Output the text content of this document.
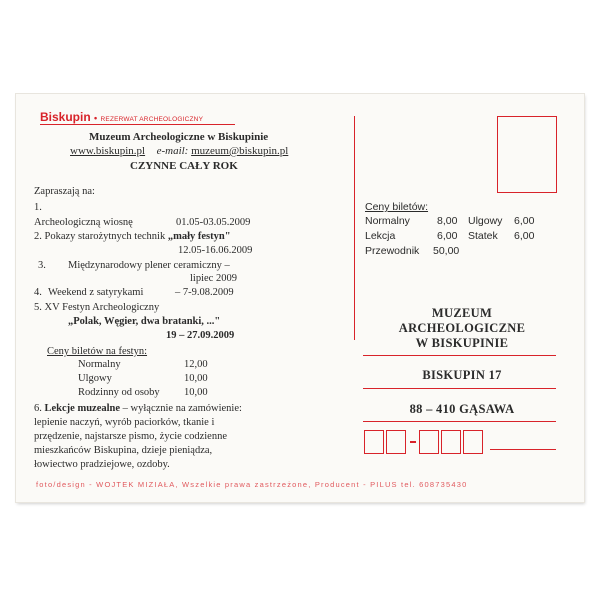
Biskupin • REZERWAT ARCHEOLOGICZNY
Muzeum Archeologiczne w Biskupinie
www.biskupin.pl e-mail: muzeum@biskupin.pl
CZYNNE CAŁY ROK
Zapraszają na:
1.
Archeologiczną wiosnę	01.05-03.05.2009
2. Pokazy starożytnych technik „mały festyn"
12.05-16.06.2009
3. Międzynarodowy plener ceramiczny –
lipiec 2009
4. Weekend z satyrykami	– 7-9.08.2009
5. XV Festyn Archeologiczny
„Polak, Węgier, dwa bratanki, ..."
19 – 27.09.2009
Ceny biletów na festyn:
Normalny	12,00
Ulgowy	10,00
Rodzinny od osoby 10,00
6. Lekcje muzealne – wyłącznie na zamówienie:
lepienie naczyń, wyrób paciorków, tkanie i
przędzenie, najstarsze pismo, życie codzienne
mieszkańców Biskupina, dzieje pieniądza,
łowiectwo pradziejowe, ozdoby.
Ceny biletów:
Normalny	8,00 Ulgowy 6,00
Lekcja	6,00 Statek 6,00
Przewodnik 50,00
MUZEUM
ARCHEOLOGICZNE
W BISKUPINIE
BISKUPIN 17
88 – 410 GĄSAWA
foto/design - WOJTEK MIZIAŁA, Wszelkie prawa zastrzeżone, Producent - PILUS tel. 608735430
